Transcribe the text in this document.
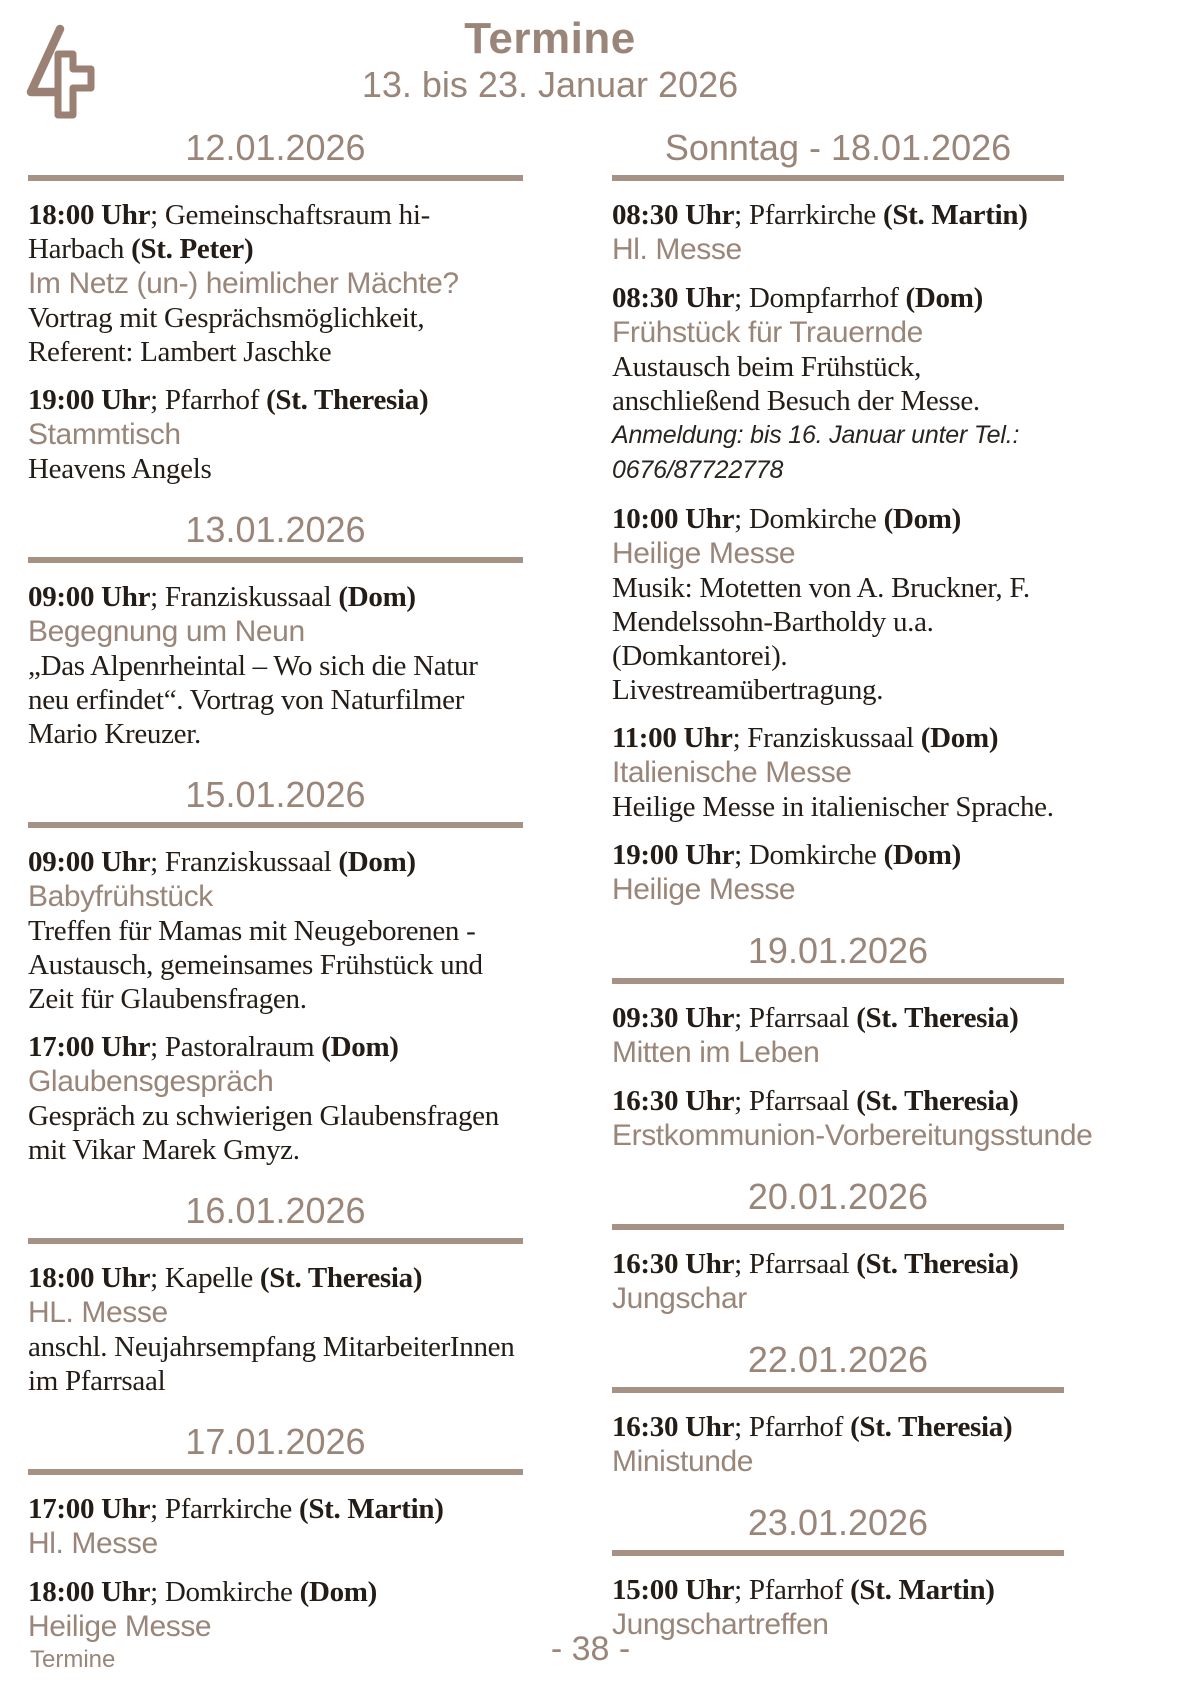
Termine
13. bis 23. Januar 2026
12.01.2026

18:00 Uhr; Gemeinschaftsraum hi-Harbach (St. Peter)

Im Netz (un-) heimlicher Mächte?

Vortrag mit Gesprächsmöglichkeit, Referent: Lambert Jaschke

19:00 Uhr; Pfarrhof (St. Theresia)

Stammtisch

Heavens Angels

13.01.2026

09:00 Uhr; Franziskussaal (Dom)

Begegnung um Neun

„Das Alpenrheintal – Wo sich die Natur neu erfindet“. Vortrag von Naturfilmer Mario Kreuzer.

15.01.2026

09:00 Uhr; Franziskussaal (Dom)

Babyfrühstück

Treffen für Mamas mit Neugeborenen - Austausch, gemeinsames Frühstück und Zeit für Glaubensfragen.

17:00 Uhr; Pastoralraum (Dom)

Glaubensgespräch

Gespräch zu schwierigen Glaubensfragen mit Vikar Marek Gmyz.

16.01.2026

18:00 Uhr; Kapelle (St. Theresia)

HL. Messe

anschl. Neujahrsempfang MitarbeiterInnen im Pfarrsaal

17.01.2026

17:00 Uhr; Pfarrkirche (St. Martin)

Hl. Messe

18:00 Uhr; Domkirche (Dom)

Heilige Messe

Sonntag - 18.01.2026

08:30 Uhr; Pfarrkirche (St. Martin)

Hl. Messe

08:30 Uhr; Dompfarrhof (Dom)

Frühstück für Trauernde

Austausch beim Frühstück, anschließend Besuch der Messe.

Anmeldung: bis 16. Januar unter Tel.: 0676/87722778

10:00 Uhr; Domkirche (Dom)

Heilige Messe

Musik: Motetten von A. Bruckner, F. Mendelssohn-Bartholdy u.a. (Domkantorei). Livestreamübertragung.

11:00 Uhr; Franziskussaal (Dom)

Italienische Messe

Heilige Messe in italienischer Sprache.

19:00 Uhr; Domkirche (Dom)

Heilige Messe

19.01.2026

09:30 Uhr; Pfarrsaal (St. Theresia)

Mitten im Leben

16:30 Uhr; Pfarrsaal (St. Theresia)

Erstkommunion-Vorbereitungsstunde

20.01.2026

16:30 Uhr; Pfarrsaal (St. Theresia)

Jungschar

22.01.2026

16:30 Uhr; Pfarrhof (St. Theresia)

Ministunde

23.01.2026

15:00 Uhr; Pfarrhof (St. Martin)

Jungschartreffen

Termine	- 38 -
